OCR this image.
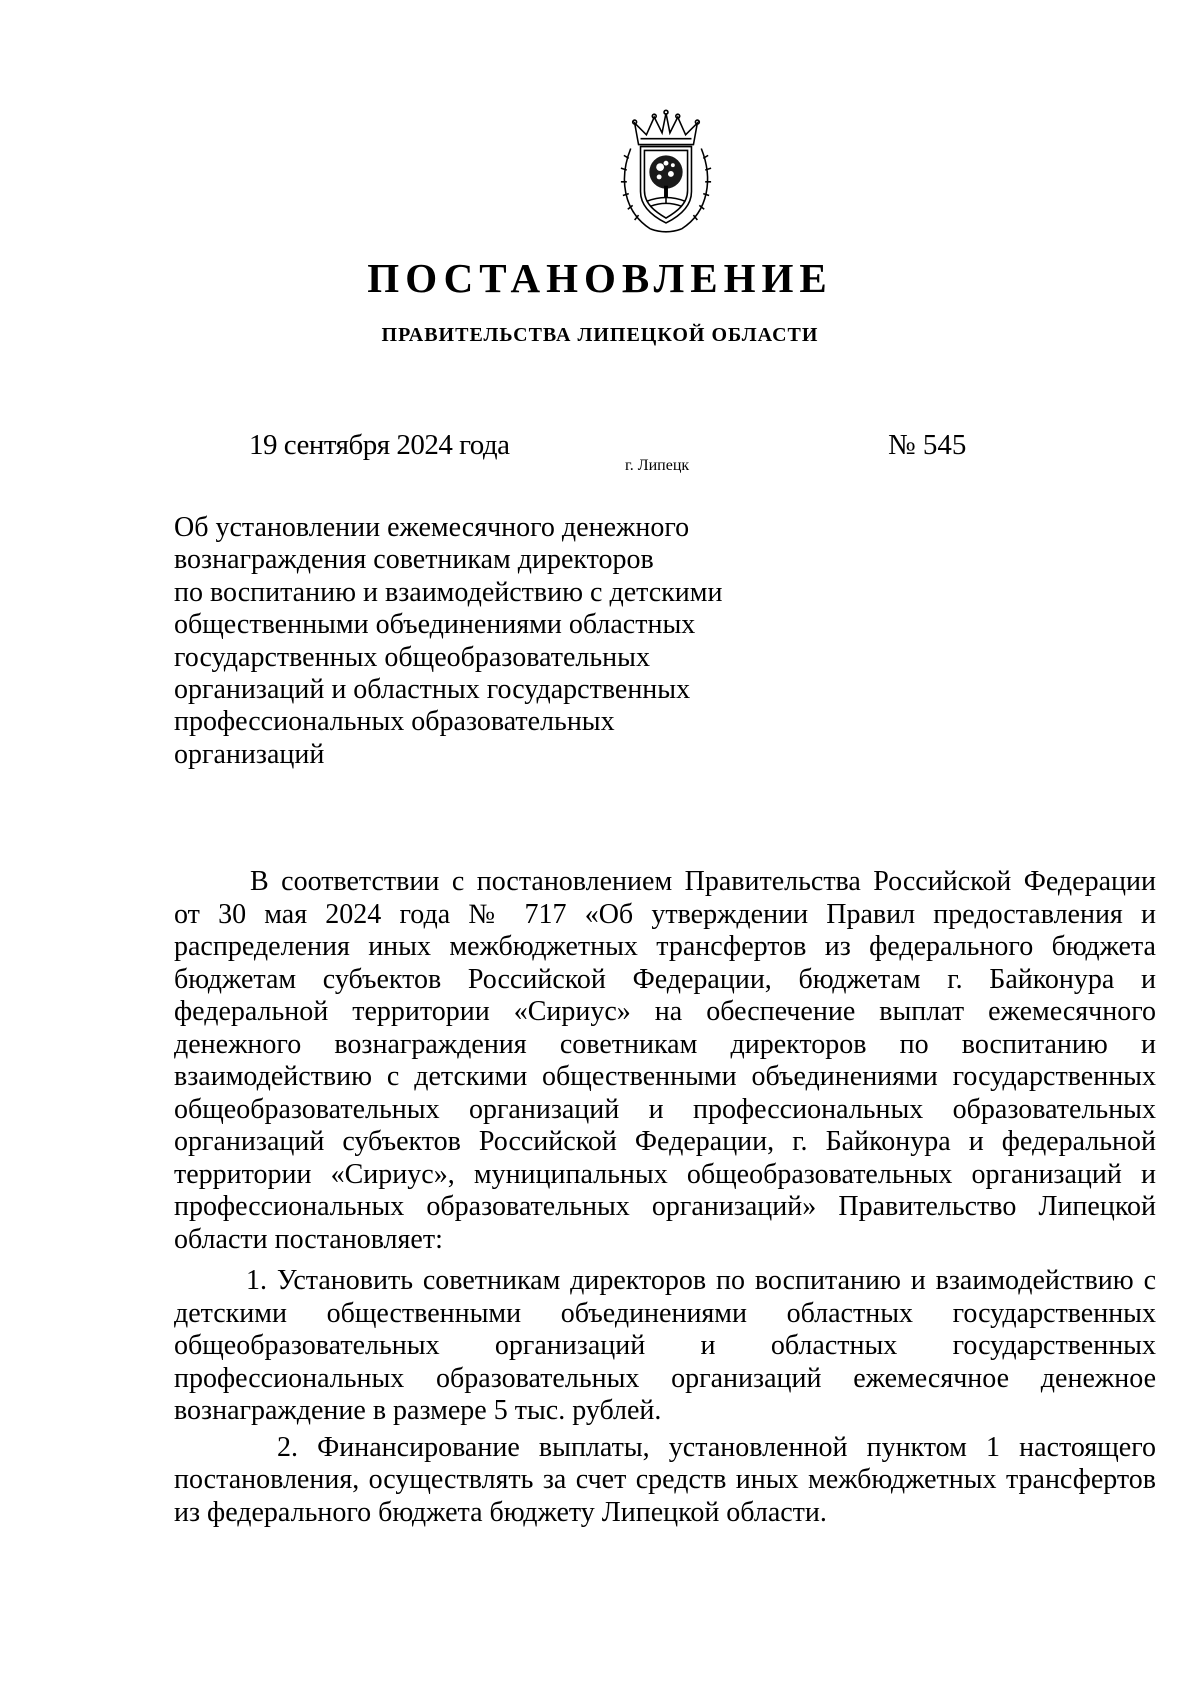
ПОСТАНОВЛЕНИЕ
ПРАВИТЕЛЬСТВА ЛИПЕЦКОЙ ОБЛАСТИ
19 сентября 2024 года
г. Липецк
№ 545

Об установлении ежемесячного денежного
вознаграждения советникам директоров
по воспитанию и взаимодействию с детскими
общественными объединениями областных
государственных общеобразовательных
организаций и областных государственных
профессиональных образовательных
организаций

В соответствии с постановлением Правительства Российской Федерации от 30 мая 2024 года № 717 «Об утверждении Правил предоставления и распределения иных межбюджетных трансфертов из федерального бюджета бюджетам субъектов Российской Федерации, бюджетам г. Байконура и федеральной территории «Сириус» на обеспечение выплат ежемесячного денежного вознаграждения советникам директоров по воспитанию и взаимодействию с детскими общественными объединениями государственных общеобразовательных организаций и профессиональных образовательных организаций субъектов Российской Федерации, г. Байконура и федеральной территории «Сириус», муниципальных общеобразовательных организаций и профессиональных образовательных организаций» Правительство Липецкой области постановляет:

1. Установить советникам директоров по воспитанию и взаимодействию с детскими общественными объединениями областных государственных общеобразовательных организаций и областных государственных профессиональных образовательных организаций ежемесячное денежное вознаграждение в размере 5 тыс. рублей.

2. Финансирование выплаты, установленной пунктом 1 настоящего постановления, осуществлять за счет средств иных межбюджетных трансфертов из федерального бюджета бюджету Липецкой области.
